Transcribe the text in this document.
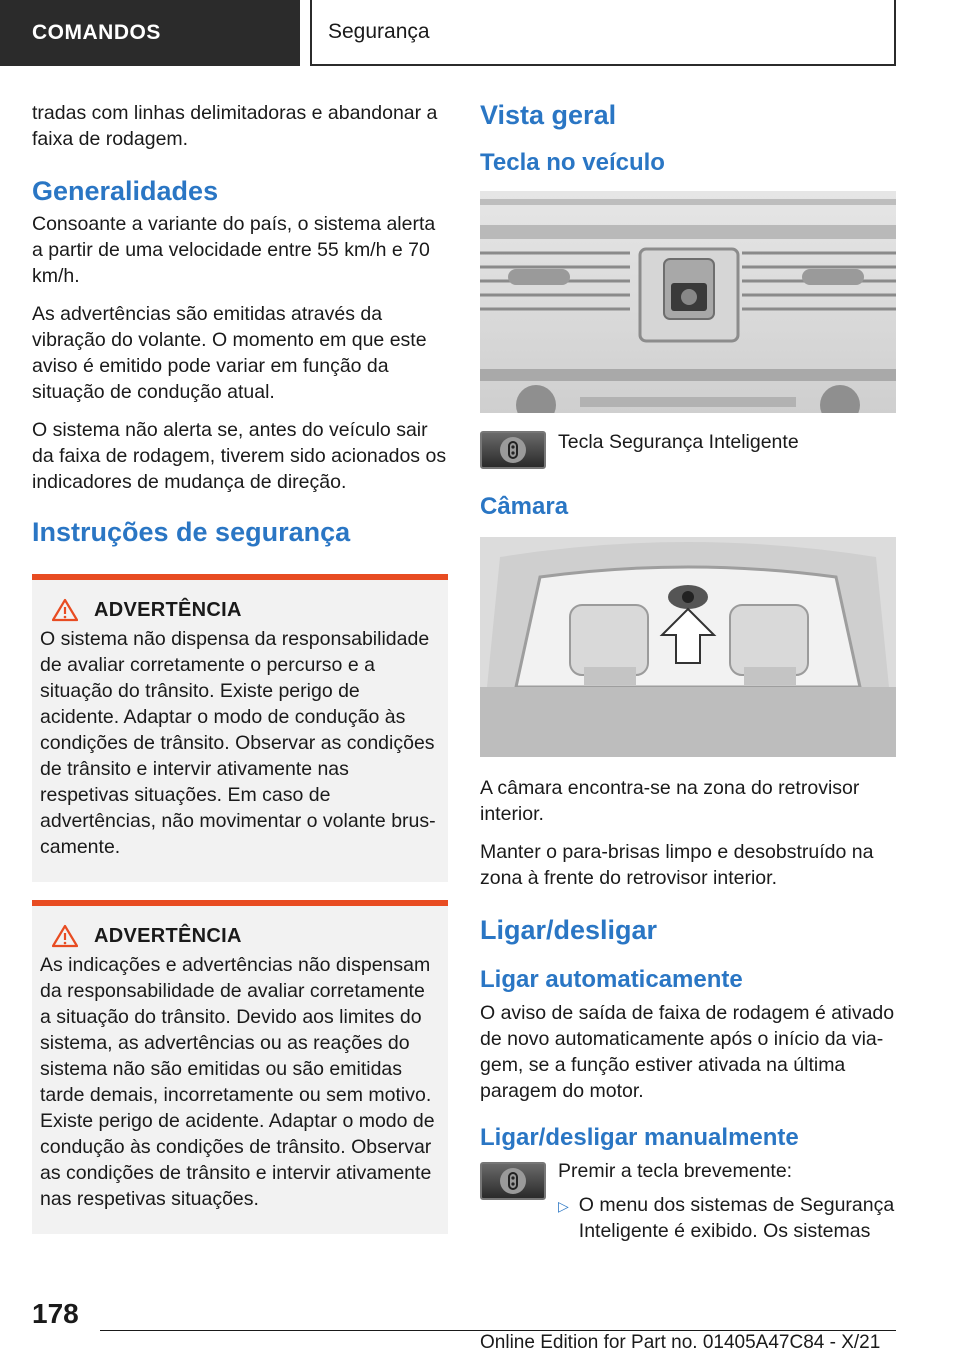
COMANDOS	Segurança

tradas com linhas delimitadoras e abandonar a faixa de rodagem.

Generalidades

Consoante a variante do país, o sistema alerta a partir de uma velocidade entre 55 km/h e 70 km/h.

As advertências são emitidas através da vibração do volante. O momento em que este aviso é emitido pode variar em função da situação de condução atual.

O sistema não alerta se, antes do veículo sair da faixa de rodagem, tiverem sido acionados os indicadores de mudança de direção.

Instruções de segurança
ADVERTÊNCIA

O sistema não dispensa da responsabilidade de avaliar corretamente o percurso e a situação do trânsito. Existe perigo de acidente. Adaptar o modo de condução às condições de trânsito. Observar as condições de trânsito e intervir ativamente nas respetivas situações. Em caso de advertências, não movimentar o volante bruscamente.

ADVERTÊNCIA

As indicações e advertências não dispensam da responsabilidade de avaliar corretamente a situação do trânsito. Devido aos limites do sistema, as advertências ou as reações do sistema não são emitidas ou são emitidas tarde demais, incorretamente ou sem motivo. Existe perigo de acidente. Adaptar o modo de condução às condições de trânsito. Observar as condições de trânsito e intervir ativamente nas respetivas situações.

Vista geral
Tecla no veículo

Tecla Segurança Inteligente

Câmara

A câmara encontra-se na zona do retrovisor interior.

Manter o para-brisas limpo e desobstruído na zona à frente do retrovisor interior.

Ligar/desligar
Ligar automaticamente

O aviso de saída de faixa de rodagem é ativado de novo automaticamente após o início da viagem, se a função estiver ativada na última paragem do motor.

Ligar/desligar manualmente

Premir a tecla brevemente:

▷ O menu dos sistemas de Segurança Inteligente é exibido. Os sistemas

178
Online Edition for Part no. 01405A47C84 - X/21
